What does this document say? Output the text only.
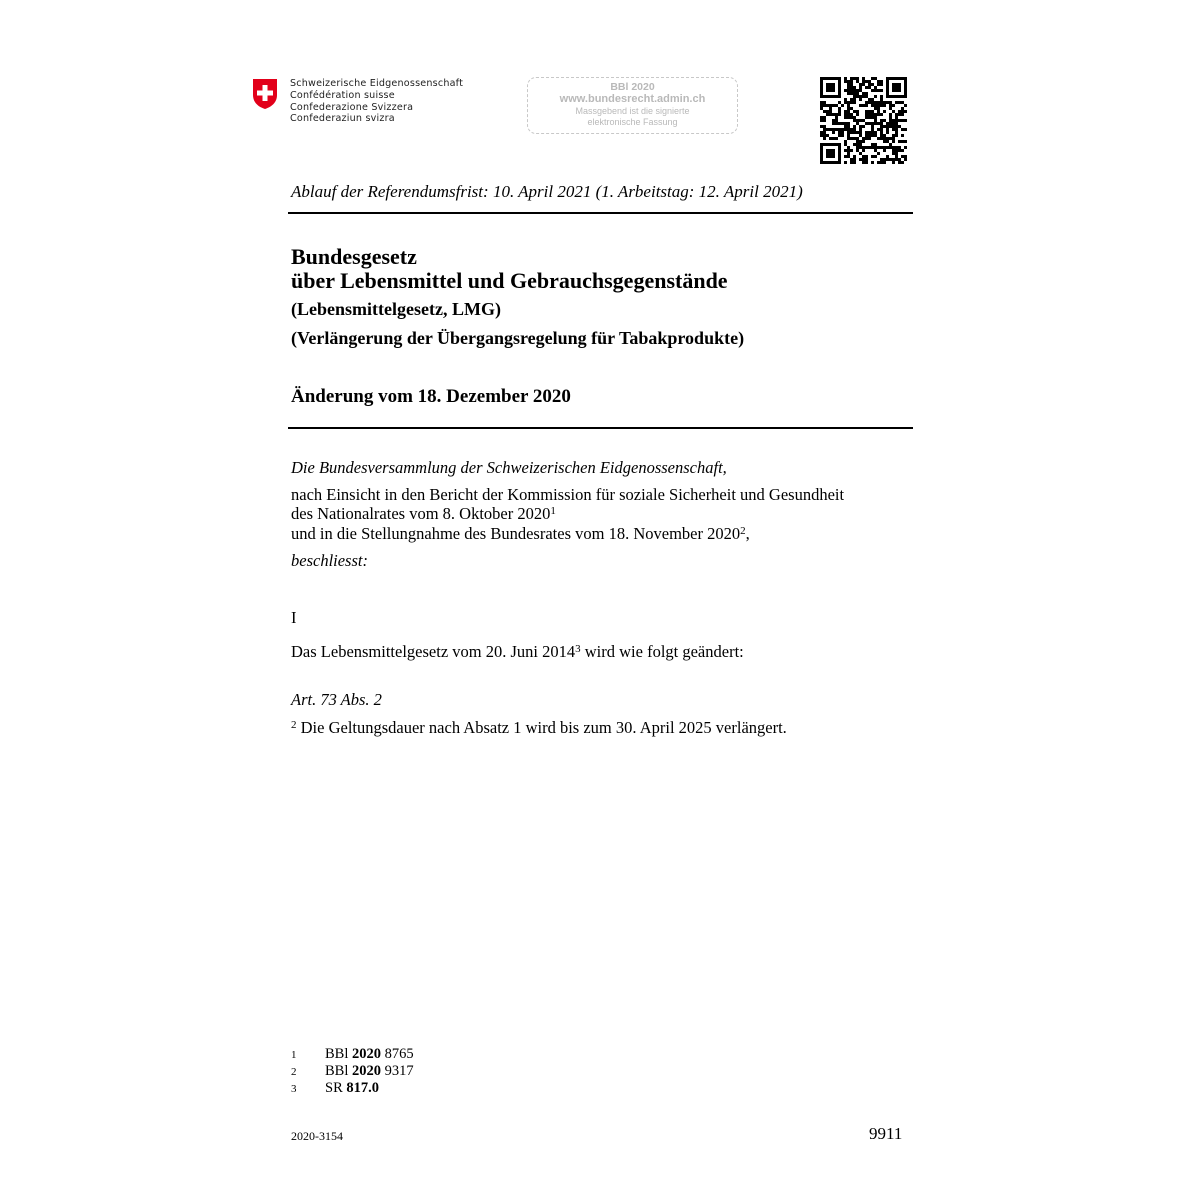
Schweizerische Eidgenossenschaft
Confédération suisse
Confederazione Svizzera
Confederaziun svizra
BBl 2020
www.bundesrecht.admin.ch
Massgebend ist die signierte
elektronische Fassung
Ablauf der Referendumsfrist: 10. April 2021 (1. Arbeitstag: 12. April 2021)
Bundesgesetz
über Lebensmittel und Gebrauchsgegenstände
(Lebensmittelgesetz, LMG)
(Verlängerung der Übergangsregelung für Tabakprodukte)
Änderung vom 18. Dezember 2020
Die Bundesversammlung der Schweizerischen Eidgenossenschaft,
nach Einsicht in den Bericht der Kommission für soziale Sicherheit und Gesundheit
des Nationalrates vom 8. Oktober 2020$^1$
und in die Stellungnahme des Bundesrates vom 18. November 2020$^2$,
beschliesst:
I
Das Lebensmittelgesetz vom 20. Juni 2014$^3$ wird wie folgt geändert:
Art. 73 Abs. 2
$^2$ Die Geltungsdauer nach Absatz 1 wird bis zum 30. April 2025 verlängert.
1 BBl 2020 8765
2 BBl 2020 9317
3 SR 817.0
2020-3154	9911
